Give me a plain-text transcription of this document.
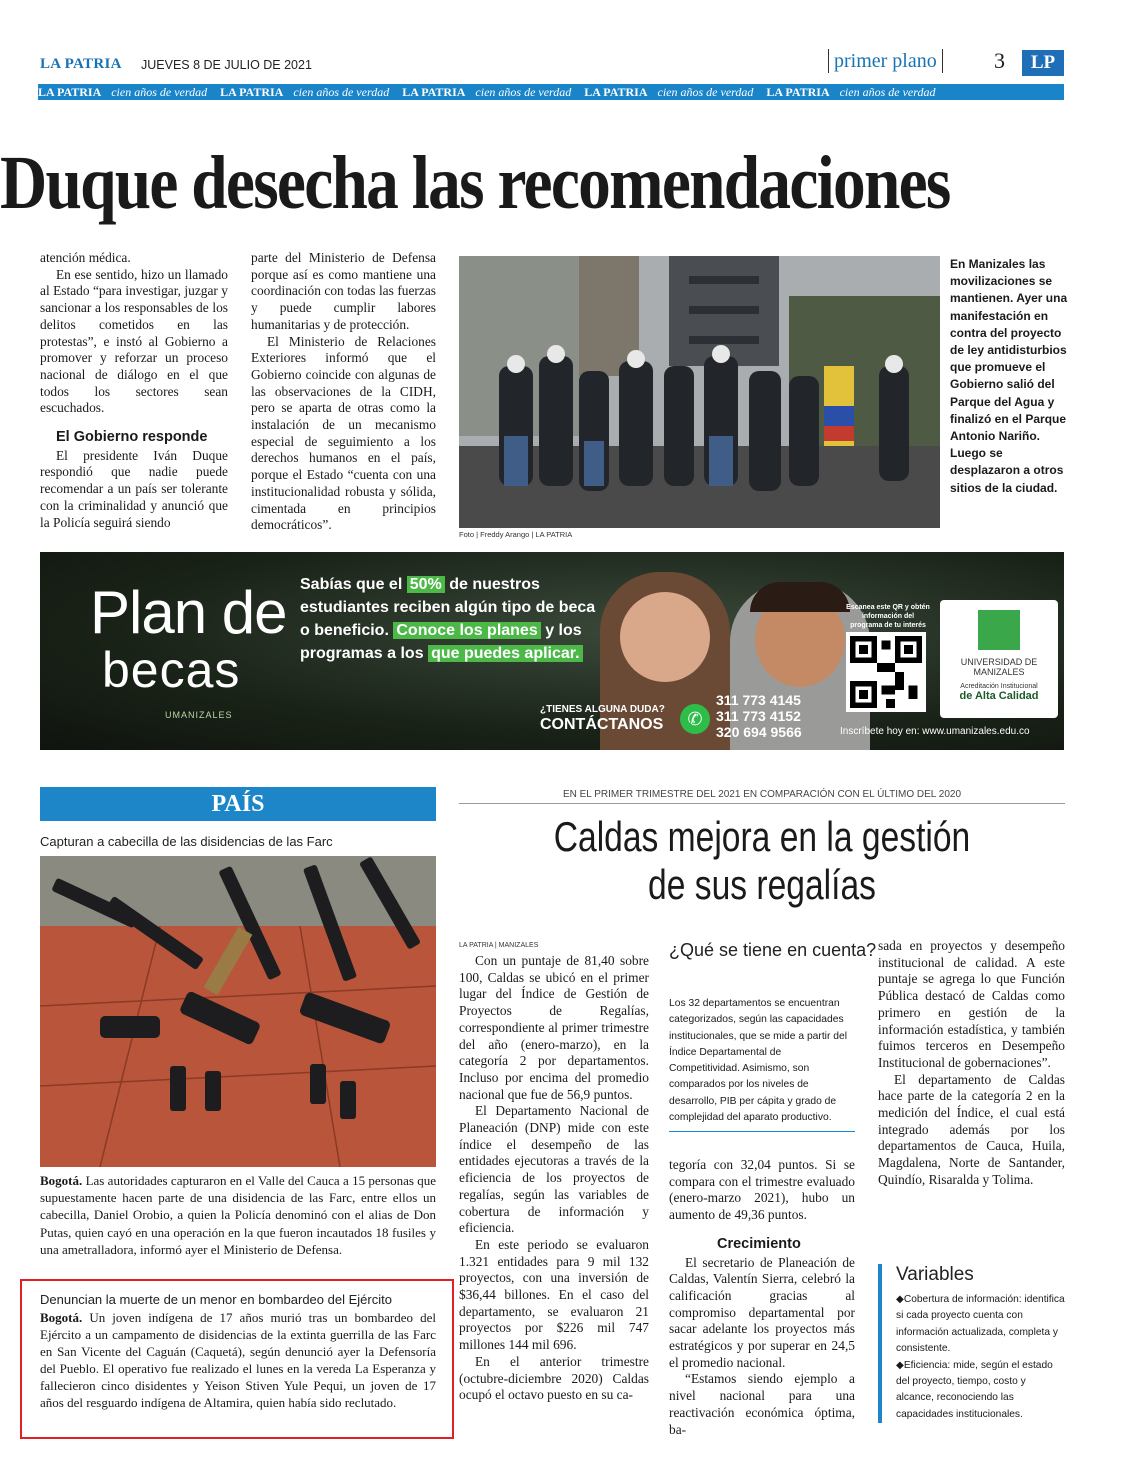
LA PATRIA JUEVES 8 DE JULIO DE 2021	primer plano	3	LP
LA PATRIA cien años de verdad LA PATRIA cien años de verdad LA PATRIA cien años de verdad LA PATRIA cien años de verdad LA PATRIA cien años de verdad
Duque desecha las recomendaciones

atención médica.

En ese sentido, hizo un llamado al Estado “para investigar, juzgar y sancionar a los responsables de los delitos cometidos en las protestas”, e instó al Gobierno a promover y reforzar un proceso nacional de diálogo en el que todos los sectores sean escuchados.

El Gobierno responde

El presidente Iván Duque respondió que nadie puede recomendar a un país ser tolerante con la criminalidad y anunció que la Policía seguirá siendo

parte del Ministerio de Defensa porque así es como mantiene una coordinación con todas las fuerzas y puede cumplir labores humanitarias y de protección.

El Ministerio de Relaciones Exteriores informó que el Gobierno coincide con algunas de las observaciones de la CIDH, pero se aparta de otras como la instalación de un mecanismo especial de seguimiento a los derechos humanos en el país, porque el Estado “cuenta con una institucionalidad robusta y sólida, cimentada en principios democráticos”.

Foto | Freddy Arango | LA PATRIA
En Manizales las movilizaciones se mantienen. Ayer una manifestación en contra del proyecto de ley antidisturbios que promueve el Gobierno salió del Parque del Agua y finalizó en el Parque Antonio Nariño. Luego se desplazaron a otros sitios de la ciudad.
Plan de
becas
UMANIZALES
Sabías que el 50% de nuestros estudiantes reciben algún tipo de beca o beneficio. Conoce los planes y los programas a los que puedes aplicar.
¿TIENES ALGUNA DUDA?
CONTÁCTANOS	✆
311 773 4145
311 773 4152
320 694 9566
Escanea este QR y obtén información del programa de tu interés
Inscríbete hoy en: www.umanizales.edu.co
UNIVERSIDAD DE MANIZALES
Acreditación Institucional
de Alta Calidad
PAÍS
Capturan a cabecilla de las disidencias de las Farc
Bogotá. Las autoridades capturaron en el Valle del Cauca a 15 personas que supuestamente hacen parte de una disidencia de las Farc, entre ellos un cabecilla, Daniel Orobio, a quien la Policía denominó con el alias de Don Putas, quien cayó en una operación en la que fueron incautados 18 fusiles y una ametralladora, informó ayer el Ministerio de Defensa.
Denuncian la muerte de un menor en bombardeo del Ejército
Bogotá. Un joven indígena de 17 años murió tras un bombardeo del Ejército a un campamento de disidencias de la extinta guerrilla de las Farc en San Vicente del Caguán (Caquetá), según denunció ayer la Defensoría del Pueblo. El operativo fue realizado el lunes en la vereda La Esperanza y fallecieron cinco disidentes y Yeison Stiven Yule Pequi, un joven de 17 años del resguardo indígena de Altamira, quien había sido reclutado.
EN EL PRIMER TRIMESTRE DEL 2021 EN COMPARACIÓN CON EL ÚLTIMO DEL 2020
Caldas mejora en la gestión
de sus regalías
LA PATRIA | MANIZALES

Con un puntaje de 81,40 sobre 100, Caldas se ubicó en el primer lugar del Índice de Gestión de Proyectos de Regalías, correspondiente al primer trimestre del año (enero-marzo), en la categoría 2 por departamentos. Incluso por encima del promedio nacional que fue de 56,9 puntos.

El Departamento Nacional de Planeación (DNP) mide con este índice el desempeño de las entidades ejecutoras a través de la eficiencia de los proyectos de regalías, según las variables de cobertura de información y eficiencia.

En este periodo se evaluaron 1.321 entidades para 9 mil 132 proyectos, con una inversión de $36,44 billones. En el caso del departamento, se evaluaron 21 proyectos por $226 mil 747 millones 144 mil 696.

En el anterior trimestre (octubre-diciembre 2020) Caldas ocupó el octavo puesto en su ca-

¿Qué se tiene en cuenta?
Los 32 departamentos se encuentran categorizados, según las capacidades institucionales, que se mide a partir del Índice Departamental de Competitividad. Asimismo, son comparados por los niveles de desarrollo, PIB per cápita y grado de complejidad del aparato productivo.

tegoría con 32,04 puntos. Si se compara con el trimestre evaluado (enero-marzo 2021), hubo un aumento de 49,36 puntos.

Crecimiento

El secretario de Planeación de Caldas, Valentín Sierra, celebró la calificación gracias al compromiso departamental por sacar adelante los proyectos más estratégicos y por superar en 24,5 el promedio nacional.

“Estamos siendo ejemplo a nivel nacional para una reactivación económica óptima, ba-

sada en proyectos y desempeño institucional de calidad. A este puntaje se agrega lo que Función Pública destacó de Caldas como primero en gestión de la información estadística, y también fuimos terceros en Desempeño Institucional de gobernaciones”.

El departamento de Caldas hace parte de la categoría 2 en la medición del Índice, el cual está integrado además por los departamentos de Cauca, Huila, Magdalena, Norte de Santander, Quindío, Risaralda y Tolima.

Variables
◆Cobertura de información: identifica si cada proyecto cuenta con información actualizada, completa y consistente.
◆Eficiencia: mide, según el estado del proyecto, tiempo, costo y alcance, reconociendo las capacidades institucionales.
